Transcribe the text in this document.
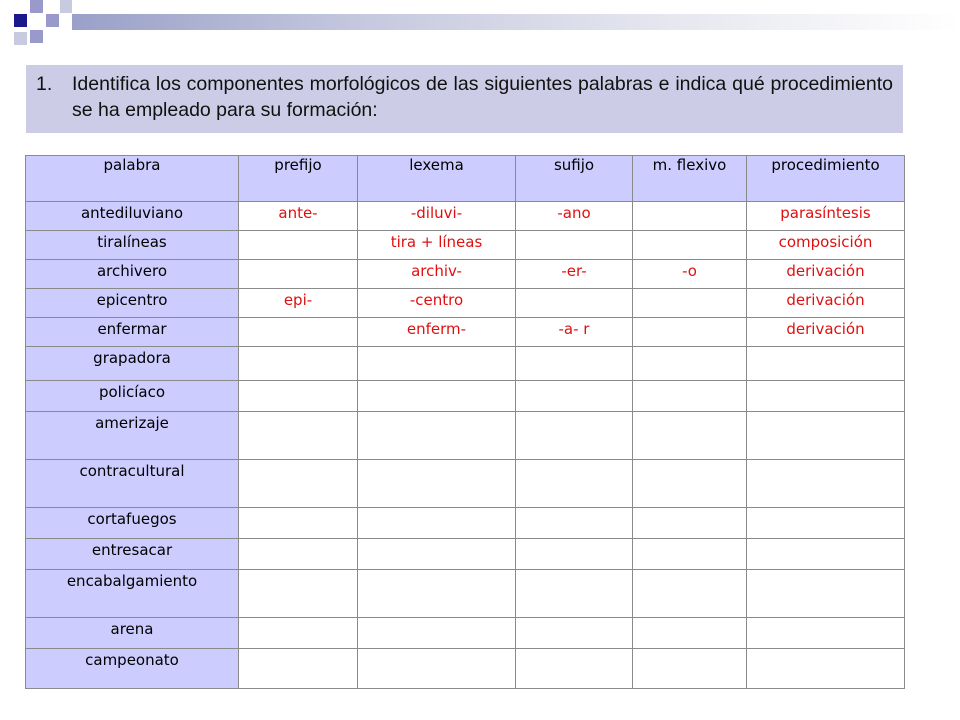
1.	Identifica los componentes morfológicos de las siguientes palabras e indica qué procedimiento se ha empleado para su formación:
palabra	prefijo	lexema	sufijo	m. flexivo	procedimiento
antediluviano	ante-	-diluvi-	-ano		parasíntesis
tiralíneas		tira + líneas			composición
archivero		archiv-	-er-	-o	derivación
epicentro	epi-	-centro			derivación
enfermar		enferm-	-a- r		derivación
grapadora					
policíaco					
amerizaje					
contracultural					
cortafuegos					
entresacar					
encabalgamiento					
arena					
campeonato					
